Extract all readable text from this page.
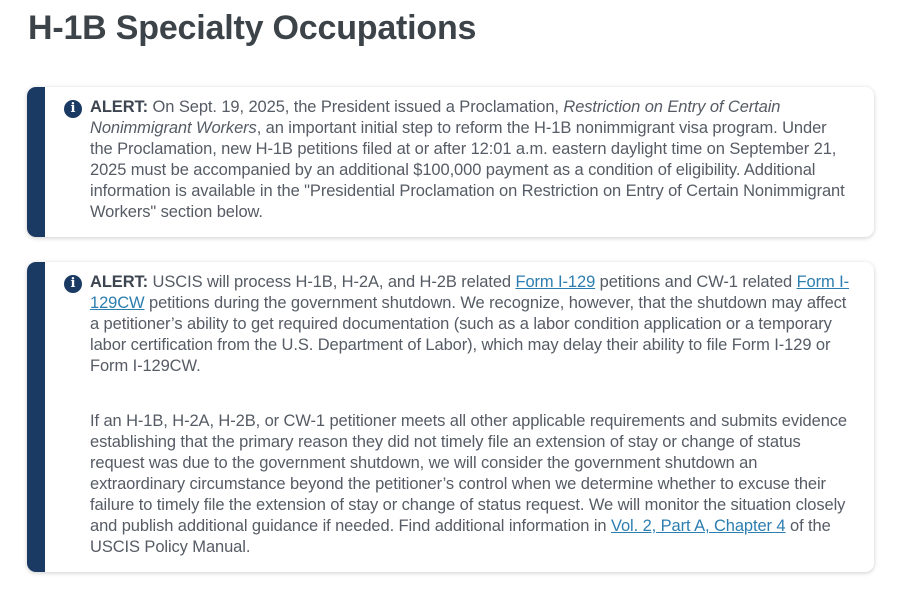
H-1B Specialty Occupations
i ALERT: On Sept. 19, 2025, the President issued a Proclamation, Restriction on Entry of Certain Nonimmigrant Workers, an important initial step to reform the H-1B nonimmigrant visa program. Under the Proclamation, new H-1B petitions filed at or after 12:01 a.m. eastern daylight time on September 21, 2025 must be accompanied by an additional $100,000 payment as a condition of eligibility. Additional information is available in the "Presidential Proclamation on Restriction on Entry of Certain Nonimmigrant Workers" section below.

i ALERT: USCIS will process H-1B, H-2A, and H-2B related Form I-129 petitions and CW-1 related Form I-129CW petitions during the government shutdown. We recognize, however, that the shutdown may affect a petitioner’s ability to get required documentation (such as a labor condition application or a temporary labor certification from the U.S. Department of Labor), which may delay their ability to file Form I-129 or Form I-129CW.

If an H-1B, H-2A, H-2B, or CW-1 petitioner meets all other applicable requirements and submits evidence establishing that the primary reason they did not timely file an extension of stay or change of status request was due to the government shutdown, we will consider the government shutdown an extraordinary circumstance beyond the petitioner’s control when we determine whether to excuse their failure to timely file the extension of stay or change of status request. We will monitor the situation closely and publish additional guidance if needed. Find additional information in Vol. 2, Part A, Chapter 4 of the USCIS Policy Manual.
